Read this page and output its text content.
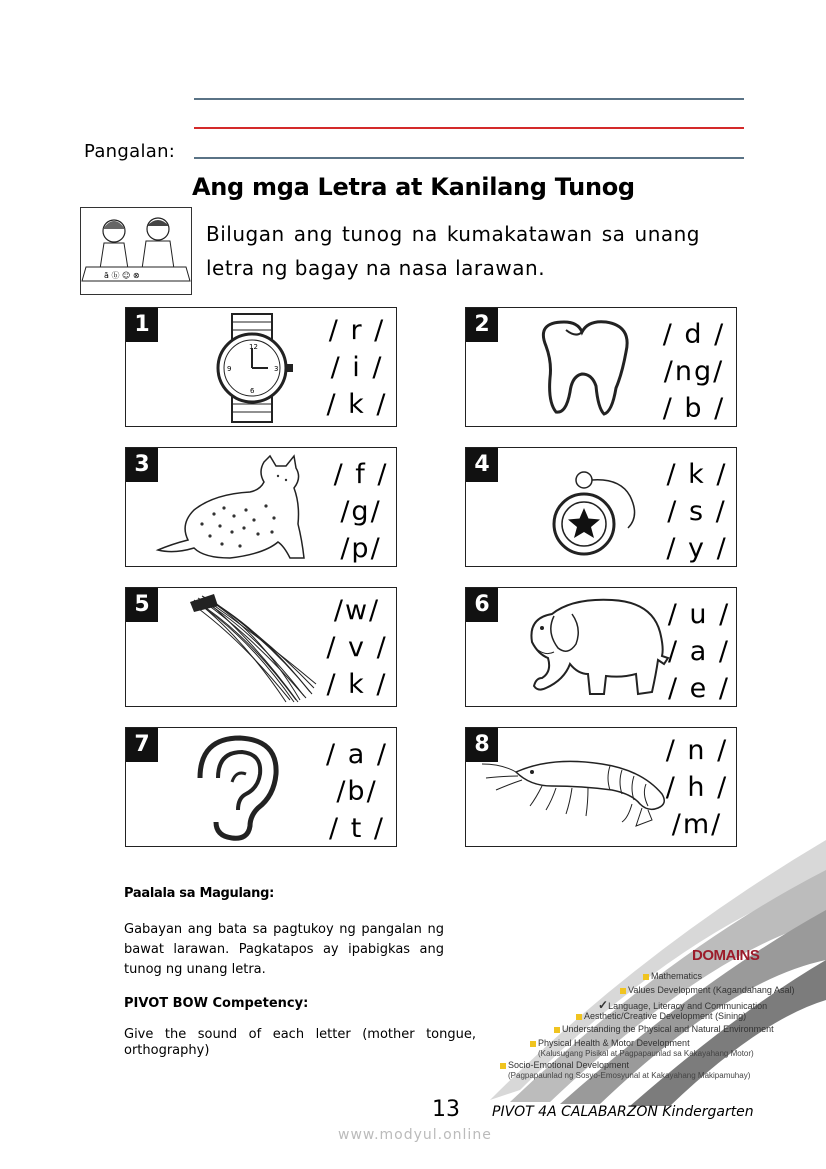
Pangalan:
Ang mga Letra at Kanilang Tunog
ā ⓑ ☺ ⊗
Bilugan ang tunog na kumakatawan sa unang letra ng bagay na nasa larawan.
1
12
3
6
9
/ r /
/ i /
/ k /
2	/ d /
/ng/
/ b /
3	/ f /
/g/
/p/
4	/ k /
/ s /
/ y /
5	/w/
/ v /
/ k /
6	/ u /
/ a /
/ e /
7	/ a /
/b/
/ t /
8	/ n /
/ h /
/m/
Paalala sa Magulang:
Gabayan ang bata sa pagtukoy ng pangalan ng bawat larawan. Pagkatapos ay ipabigkas ang tunog ng unang letra.
PIVOT BOW Competency:
Give the sound of each letter (mother tongue, orthography)
DOMAINS
Mathematics
Values Development (Kagandahang Asal)
✓Language, Literacy and Communication
Aesthetic/Creative Development (Sining)
Understanding the Physical and Natural Environment
Physical Health & Motor Development
(Kalusugang Pisikal at Pagpapaunlad sa Kakayahang Motor)
Socio-Emotional Development
(Pagpapaunlad ng Sosyo-Emosyunal at Kakayahang Makipamuhay)
13 PIVOT 4A CALABARZON Kindergarten
www.modyul.online
